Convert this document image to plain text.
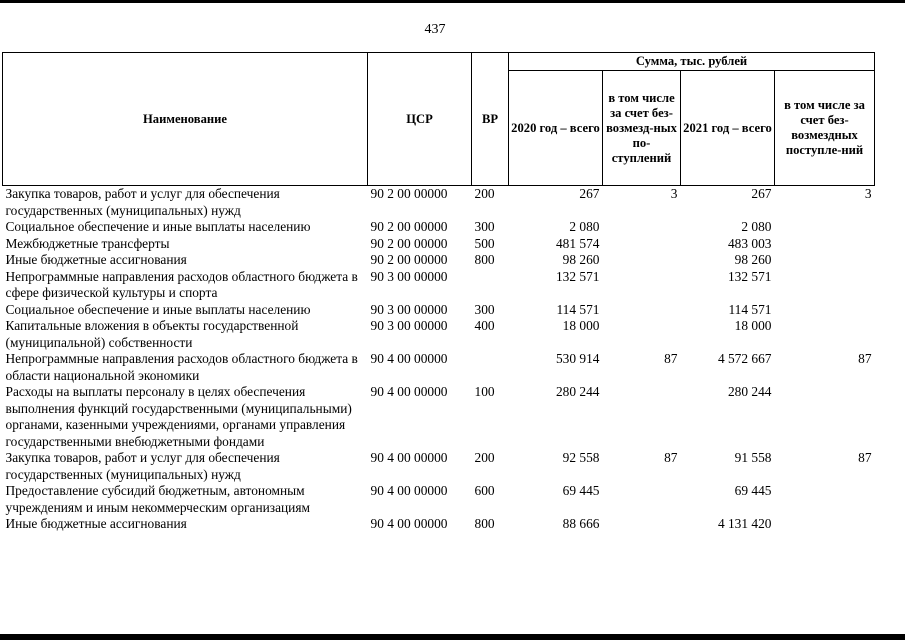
437
Наименование	ЦСР	ВР	Сумма, тыс. рублей			
			2020 год – всего	в том числе за счет без-возмезд-ных по-ступлений	2021 год – всего	в том числе за счет без-возмездных поступле-ний
Закупка товаров, работ и услуг для обеспечения государственных (муниципальных) нужд	90 2 00 00000	200	267	3	267	3
Социальное обеспечение и иные выплаты населению	90 2 00 00000	300	2 080		2 080	
Межбюджетные трансферты	90 2 00 00000	500	481 574		483 003	
Иные бюджетные ассигнования	90 2 00 00000	800	98 260		98 260	
Непрограммные направления расходов областного бюджета в сфере физической культуры и спорта	90 3 00 00000		132 571		132 571	
Социальное обеспечение и иные выплаты населению	90 3 00 00000	300	114 571		114 571	
Капитальные вложения в объекты государственной (муниципальной) собственности	90 3 00 00000	400	18 000		18 000	
Непрограммные направления расходов областного бюджета в области национальной экономики	90 4 00 00000		530 914	87	4 572 667	87
Расходы на выплаты персоналу в целях обеспечения выполнения функций государственными (муниципальными) органами, казенными учреждениями, органами управления государственными внебюджетными фондами	90 4 00 00000	100	280 244		280 244	
Закупка товаров, работ и услуг для обеспечения государственных (муниципальных) нужд	90 4 00 00000	200	92 558	87	91 558	87
Предоставление субсидий бюджетным, автономным учреждениям и иным некоммерческим организациям	90 4 00 00000	600	69 445		69 445	
Иные бюджетные ассигнования	90 4 00 00000	800	88 666		4 131 420	
